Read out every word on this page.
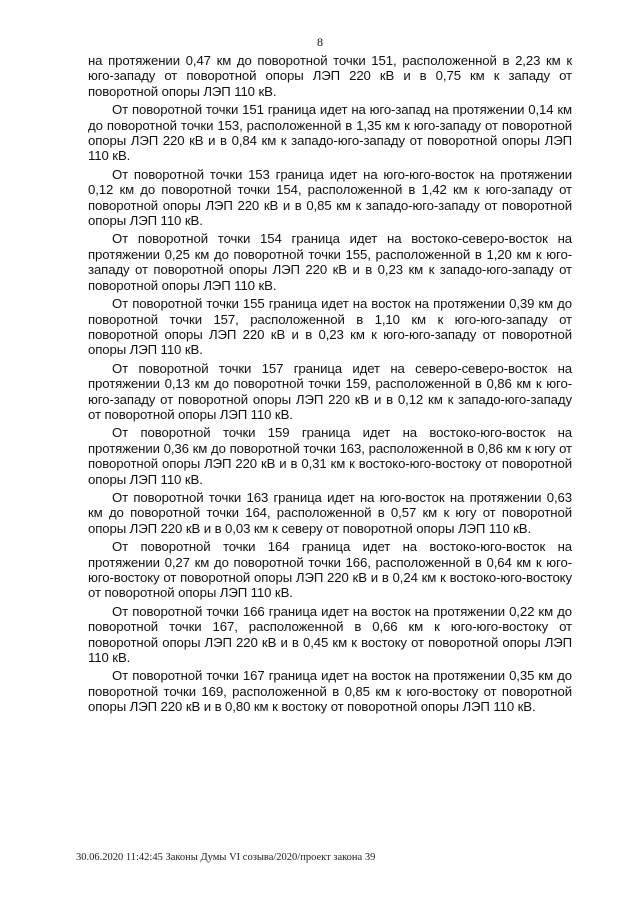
8

на протяжении 0,47 км до поворотной точки 151, расположенной в 2,23 км к юго-западу от поворотной опоры ЛЭП 220 кВ и в 0,75 км к западу от поворотной опоры ЛЭП 110 кВ.

От поворотной точки 151 граница идет на юго-запад на протяжении 0,14 км до поворотной точки 153, расположенной в 1,35 км к юго-западу от поворотной опоры ЛЭП 220 кВ и в 0,84 км к западо-юго-западу от поворотной опоры ЛЭП 110 кВ.

От поворотной точки 153 граница идет на юго-юго-восток на протяжении 0,12 км до поворотной точки 154, расположенной в 1,42 км к юго-западу от поворотной опоры ЛЭП 220 кВ и в 0,85 км к западо-юго-западу от поворотной опоры ЛЭП 110 кВ.

От поворотной точки 154 граница идет на востоко-северо-восток на протяжении 0,25 км до поворотной точки 155, расположенной в 1,20 км к юго-западу от поворотной опоры ЛЭП 220 кВ и в 0,23 км к западо-юго-западу от поворотной опоры ЛЭП 110 кВ.

От поворотной точки 155 граница идет на восток на протяжении 0,39 км до поворотной точки 157, расположенной в 1,10 км к юго-юго-западу от поворотной опоры ЛЭП 220 кВ и в 0,23 км к юго-юго-западу от поворотной опоры ЛЭП 110 кВ.

От поворотной точки 157 граница идет на северо-северо-восток на протяжении 0,13 км до поворотной точки 159, расположенной в 0,86 км к юго-юго-западу от поворотной опоры ЛЭП 220 кВ и в 0,12 км к западо-юго-западу от поворотной опоры ЛЭП 110 кВ.

От поворотной точки 159 граница идет на востоко-юго-восток на протяжении 0,36 км до поворотной точки 163, расположенной в 0,86 км к югу от поворотной опоры ЛЭП 220 кВ и в 0,31 км к востоко-юго-востоку от поворотной опоры ЛЭП 110 кВ.

От поворотной точки 163 граница идет на юго-восток на протяжении 0,63 км до поворотной точки 164, расположенной в 0,57 км к югу от поворотной опоры ЛЭП 220 кВ и в 0,03 км к северу от поворотной опоры ЛЭП 110 кВ.

От поворотной точки 164 граница идет на востоко-юго-восток на протяжении 0,27 км до поворотной точки 166, расположенной в 0,64 км к юго-юго-востоку от поворотной опоры ЛЭП 220 кВ и в 0,24 км к востоко-юго-востоку от поворотной опоры ЛЭП 110 кВ.

От поворотной точки 166 граница идет на восток на протяжении 0,22 км до поворотной точки 167, расположенной в 0,66 км к юго-юго-востоку от поворотной опоры ЛЭП 220 кВ и в 0,45 км к востоку от поворотной опоры ЛЭП 110 кВ.

От поворотной точки 167 граница идет на восток на протяжении 0,35 км до поворотной точки 169, расположенной в 0,85 км к юго-востоку от поворотной опоры ЛЭП 220 кВ и в 0,80 км к востоку от поворотной опоры ЛЭП 110 кВ.

30.06.2020 11:42:45 Законы Думы VI созыва/2020/проект закона 39
